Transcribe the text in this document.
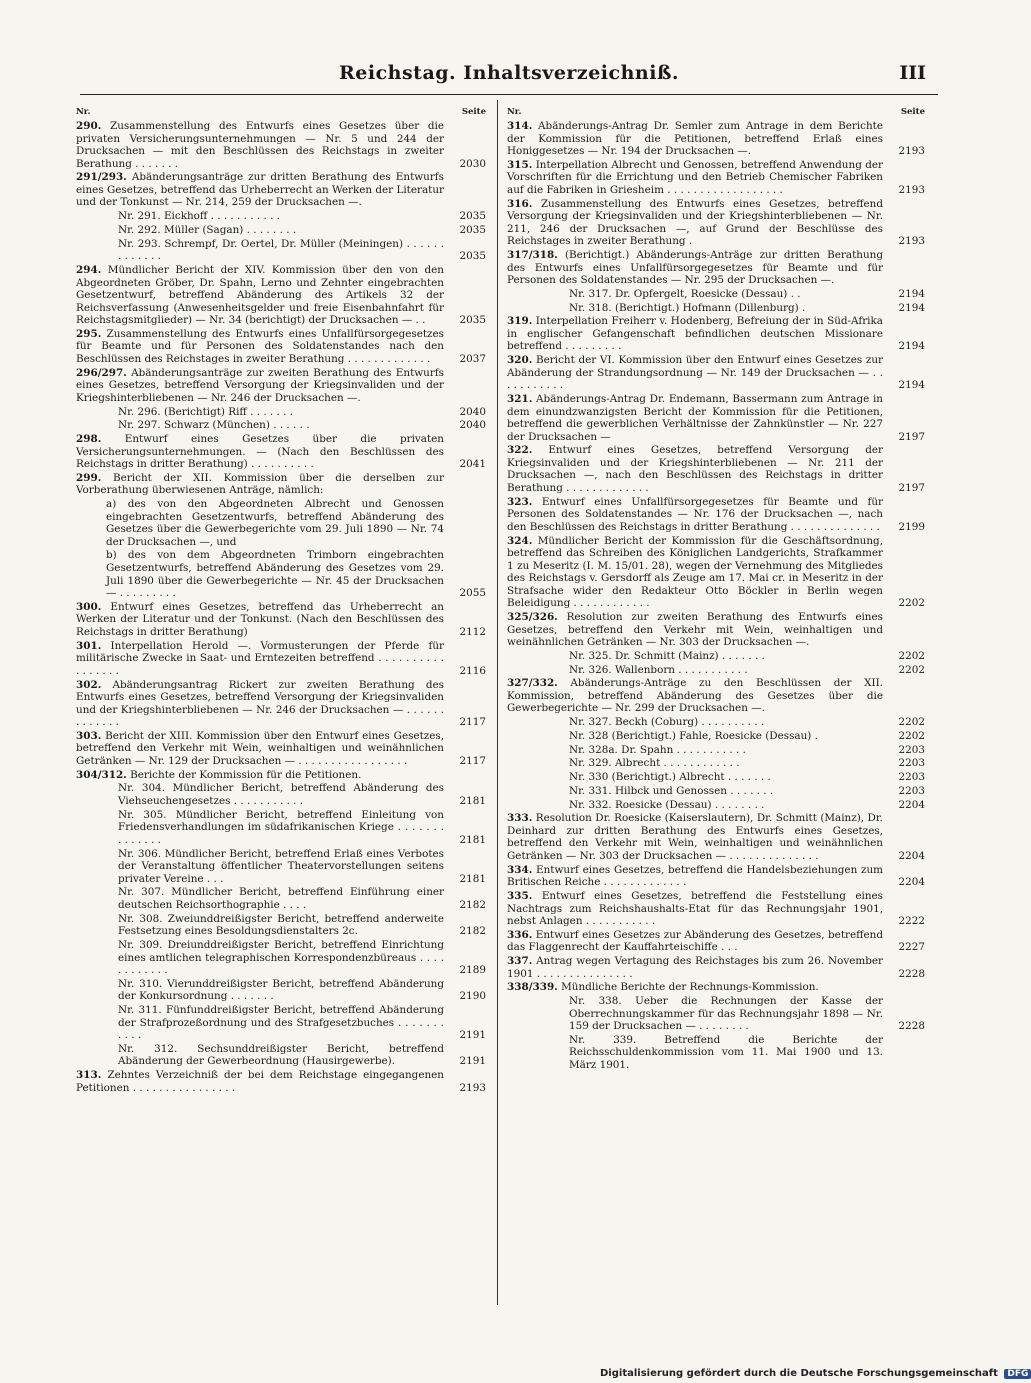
Reichstag. Inhaltsverzeichniß.	III
Nr.	Seite
290. Zusammenstellung des Entwurfs eines Gesetzes über die privaten Versicherungsunternehmungen — Nr. 5 und 244 der Drucksachen — mit den Beschlüssen des Reichstags in zweiter Berathung . . . . . . .	2030
291/293. Abänderungsanträge zur dritten Berathung des Entwurfs eines Gesetzes, betreffend das Urheberrecht an Werken der Literatur und der Tonkunst — Nr. 214, 259 der Drucksachen —.
Nr. 291. Eickhoff . . . . . . . . . . .	2035
Nr. 292. Müller (Sagan) . . . . . . . .	2035
Nr. 293. Schrempf, Dr. Oertel, Dr. Müller (Meiningen) . . . . . . . . . . . . .	2035
294. Mündlicher Bericht der XIV. Kommission über den von den Abgeordneten Gröber, Dr. Spahn, Lerno und Zehnter eingebrachten Gesetzentwurf, betreffend Abänderung des Artikels 32 der Reichsverfassung (Anwesenheitsgelder und freie Eisenbahnfahrt für Reichstagsmitglieder) — Nr. 34 (berichtigt) der Drucksachen — . .	2035
295. Zusammenstellung des Entwurfs eines Unfallfürsorgegesetzes für Beamte und für Personen des Soldatenstandes nach den Beschlüssen des Reichstages in zweiter Berathung . . . . . . . . . . . . .	2037
296/297. Abänderungsanträge zur zweiten Berathung des Entwurfs eines Gesetzes, betreffend Versorgung der Kriegsinvaliden und der Kriegshinterbliebenen — Nr. 246 der Drucksachen —.
Nr. 296. (Berichtigt) Riff . . . . . . .	2040
Nr. 297. Schwarz (München) . . . . . .	2040
298. Entwurf eines Gesetzes über die privaten Versicherungsunternehmungen. — (Nach den Beschlüssen des Reichstags in dritter Berathung) . . . . . . . . . .	2041
299. Bericht der XII. Kommission über die derselben zur Vorberathung überwiesenen Anträge, nämlich:
a) des von den Abgeordneten Albrecht und Genossen eingebrachten Gesetzentwurfs, betreffend Abänderung des Gesetzes über die Gewerbegerichte vom 29. Juli 1890 — Nr. 74 der Drucksachen —, und
b) des von dem Abgeordneten Trimborn eingebrachten Gesetzentwurfs, betreffend Abänderung des Gesetzes vom 29. Juli 1890 über die Gewerbegerichte — Nr. 45 der Drucksachen — . . . . . . . . .	2055
300. Entwurf eines Gesetzes, betreffend das Urheberrecht an Werken der Literatur und der Tonkunst. (Nach den Beschlüssen des Reichstags in dritter Berathung)	2112
301. Interpellation Herold —. Vormusterungen der Pferde für militärische Zwecke in Saat- und Erntezeiten betreffend . . . . . . . . . . . . . . . . .	2116
302. Abänderungsantrag Rickert zur zweiten Berathung des Entwurfs eines Gesetzes, betreffend Versorgung der Kriegsinvaliden und der Kriegshinterbliebenen — Nr. 246 der Drucksachen — . . . . . . . . . . . . .	2117
303. Bericht der XIII. Kommission über den Entwurf eines Gesetzes, betreffend den Verkehr mit Wein, weinhaltigen und weinähnlichen Getränken — Nr. 129 der Drucksachen — . . . . . . . . . . . . . . . . .	2117
304/312. Berichte der Kommission für die Petitionen.
Nr. 304. Mündlicher Bericht, betreffend Abänderung des Viehseuchengesetzes . . . . . . . . . . .	2181
Nr. 305. Mündlicher Bericht, betreffend Einleitung von Friedensverhandlungen im südafrikanischen Kriege . . . . . . . . . . . . . .	2181
Nr. 306. Mündlicher Bericht, betreffend Erlaß eines Verbotes der Veranstaltung öffentlicher Theatervorstellungen seitens privater Vereine . . .	2181
Nr. 307. Mündlicher Bericht, betreffend Einführung einer deutschen Reichsorthographie . . . .	2182
Nr. 308. Zweiunddreißigster Bericht, betreffend anderweite Festsetzung eines Besoldungsdienstalters 2c.	2182
Nr. 309. Dreiunddreißigster Bericht, betreffend Einrichtung eines amtlichen telegraphischen Korrespondenzbüreaus . . . . . . . . . . . .	2189
Nr. 310. Vierunddreißigster Bericht, betreffend Abänderung der Konkursordnung . . . . . . .	2190
Nr. 311. Fünfunddreißigster Bericht, betreffend Abänderung der Strafprozeßordnung und des Strafgesetzbuches . . . . . . . . . . .	2191
Nr. 312. Sechsunddreißigster Bericht, betreffend Abänderung der Gewerbeordnung (Hausirgewerbe).	2191
313. Zehntes Verzeichniß der bei dem Reichstage eingegangenen Petitionen . . . . . . . . . . . . . . . .	2193
Nr.	Seite
314. Abänderungs-Antrag Dr. Semler zum Antrage in dem Berichte der Kommission für die Petitionen, betreffend Erlaß eines Honiggesetzes — Nr. 194 der Drucksachen —.	2193
315. Interpellation Albrecht und Genossen, betreffend Anwendung der Vorschriften für die Errichtung und den Betrieb Chemischer Fabriken auf die Fabriken in Griesheim . . . . . . . . . . . . . . . . . .	2193
316. Zusammenstellung des Entwurfs eines Gesetzes, betreffend Versorgung der Kriegsinvaliden und der Kriegshinterbliebenen — Nr. 211, 246 der Drucksachen —, auf Grund der Beschlüsse des Reichstages in zweiter Berathung .	2193
317/318. (Berichtigt.) Abänderungs-Anträge zur dritten Berathung des Entwurfs eines Unfallfürsorgegesetzes für Beamte und für Personen des Soldatenstandes — Nr. 295 der Drucksachen —.
Nr. 317. Dr. Opfergelt, Roesicke (Dessau) . .	2194
Nr. 318. (Berichtigt.) Hofmann (Dillenburg) .	2194
319. Interpellation Freiherr v. Hodenberg, Befreiung der in Süd-Afrika in englischer Gefangenschaft befindlichen deutschen Missionare betreffend . . . . . . . . .	2194
320. Bericht der VI. Kommission über den Entwurf eines Gesetzes zur Abänderung der Strandungsordnung — Nr. 149 der Drucksachen — . . . . . . . . . . .	2194
321. Abänderungs-Antrag Dr. Endemann, Bassermann zum Antrage in dem einundzwanzigsten Bericht der Kommission für die Petitionen, betreffend die gewerblichen Verhältnisse der Zahnkünstler — Nr. 227 der Drucksachen —	2197
322. Entwurf eines Gesetzes, betreffend Versorgung der Kriegsinvaliden und der Kriegshinterbliebenen — Nr. 211 der Drucksachen —, nach den Beschlüssen des Reichstags in dritter Berathung . . . . . . . . . . . . .	2197
323. Entwurf eines Unfallfürsorgegesetzes für Beamte und für Personen des Soldatenstandes — Nr. 176 der Drucksachen —, nach den Beschlüssen des Reichstags in dritter Berathung . . . . . . . . . . . . . .	2199
324. Mündlicher Bericht der Kommission für die Geschäftsordnung, betreffend das Schreiben des Königlichen Landgerichts, Strafkammer 1 zu Meseritz (I. M. 15/01. 28), wegen der Vernehmung des Mitgliedes des Reichstags v. Gersdorff als Zeuge am 17. Mai cr. in Meseritz in der Strafsache wider den Redakteur Otto Böckler in Berlin wegen Beleidigung . . . . . . . . . . . .	2202
325/326. Resolution zur zweiten Berathung des Entwurfs eines Gesetzes, betreffend den Verkehr mit Wein, weinhaltigen und weinähnlichen Getränken — Nr. 303 der Drucksachen —.
Nr. 325. Dr. Schmitt (Mainz) . . . . . . .	2202
Nr. 326. Wallenborn . . . . . . . . . . .	2202
327/332. Abänderungs-Anträge zu den Beschlüssen der XII. Kommission, betreffend Abänderung des Gesetzes über die Gewerbegerichte — Nr. 299 der Drucksachen —.
Nr. 327. Beckh (Coburg) . . . . . . . . . .	2202
Nr. 328 (Berichtigt.) Fahle, Roesicke (Dessau) .	2202
Nr. 328a. Dr. Spahn . . . . . . . . . . .	2203
Nr. 329. Albrecht . . . . . . . . . . . .	2203
Nr. 330 (Berichtigt.) Albrecht . . . . . . .	2203
Nr. 331. Hilbck und Genossen . . . . . . .	2203
Nr. 332. Roesicke (Dessau) . . . . . . . .	2204
333. Resolution Dr. Roesicke (Kaiserslautern), Dr. Schmitt (Mainz), Dr. Deinhard zur dritten Berathung des Entwurfs eines Gesetzes, betreffend den Verkehr mit Wein, weinhaltigen und weinähnlichen Getränken — Nr. 303 der Drucksachen — . . . . . . . . . . . . . .	2204
334. Entwurf eines Gesetzes, betreffend die Handelsbeziehungen zum Britischen Reiche . . . . . . . . . . . . .	2204
335. Entwurf eines Gesetzes, betreffend die Feststellung eines Nachtrags zum Reichshaushalts-Etat für das Rechnungsjahr 1901, nebst Anlagen . . . . . . . . . . .	2222
336. Entwurf eines Gesetzes zur Abänderung des Gesetzes, betreffend das Flaggenrecht der Kauffahrteischiffe . . .	2227
337. Antrag wegen Vertagung des Reichstages bis zum 26. November 1901 . . . . . . . . . . . . . . .	2228
338/339. Mündliche Berichte der Rechnungs-Kommission.
Nr. 338. Ueber die Rechnungen der Kasse der Oberrechnungskammer für das Rechnungsjahr 1898 — Nr. 159 der Drucksachen — . . . . . . . .	2228
Nr. 339. Betreffend die Berichte der Reichsschuldenkommission vom 11. Mai 1900 und 13. März 1901.
Digitalisierung gefördert durch die Deutsche Forschungsgemeinschaft DFG
